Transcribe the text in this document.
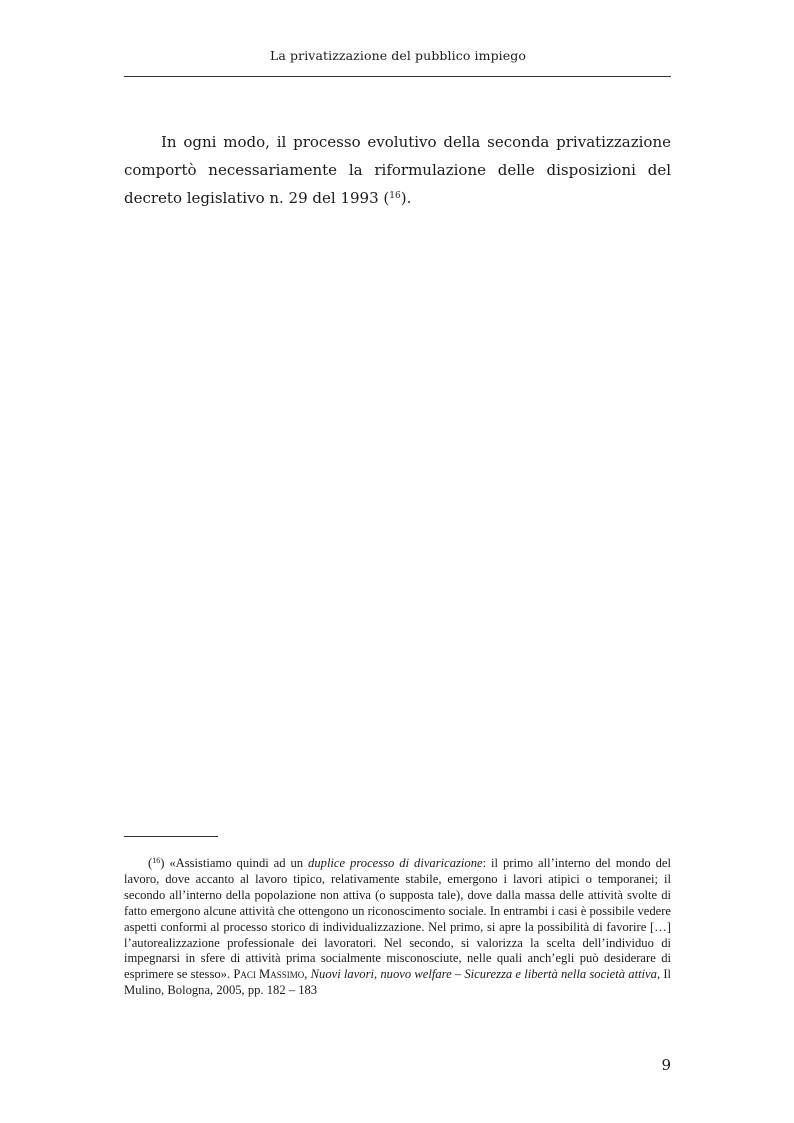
La privatizzazione del pubblico impiego

In ogni modo, il processo evolutivo della seconda privatizzazione comportò necessariamente la riformulazione delle disposizioni del decreto legislativo n. 29 del 1993 ($^{16}$).

($^{16}$) «Assistiamo quindi ad un duplice processo di divaricazione: il primo all’interno del mondo del lavoro, dove accanto al lavoro tipico, relativamente stabile, emergono i lavori atipici o temporanei; il secondo all’interno della popolazione non attiva (o supposta tale), dove dalla massa delle attività svolte di fatto emergono alcune attività che ottengono un riconoscimento sociale. In entrambi i casi è possibile vedere aspetti conformi al processo storico di individualizzazione. Nel primo, si apre la possibilità di favorire […] l’autorealizzazione professionale dei lavoratori. Nel secondo, si valorizza la scelta dell’individuo di impegnarsi in sfere di attività prima socialmente misconosciute, nelle quali anch’egli può desiderare di esprimere se stesso». Paci Massimo, Nuovi lavori, nuovo welfare – Sicurezza e libertà nella società attiva, Il Mulino, Bologna, 2005, pp. 182 – 183

9
